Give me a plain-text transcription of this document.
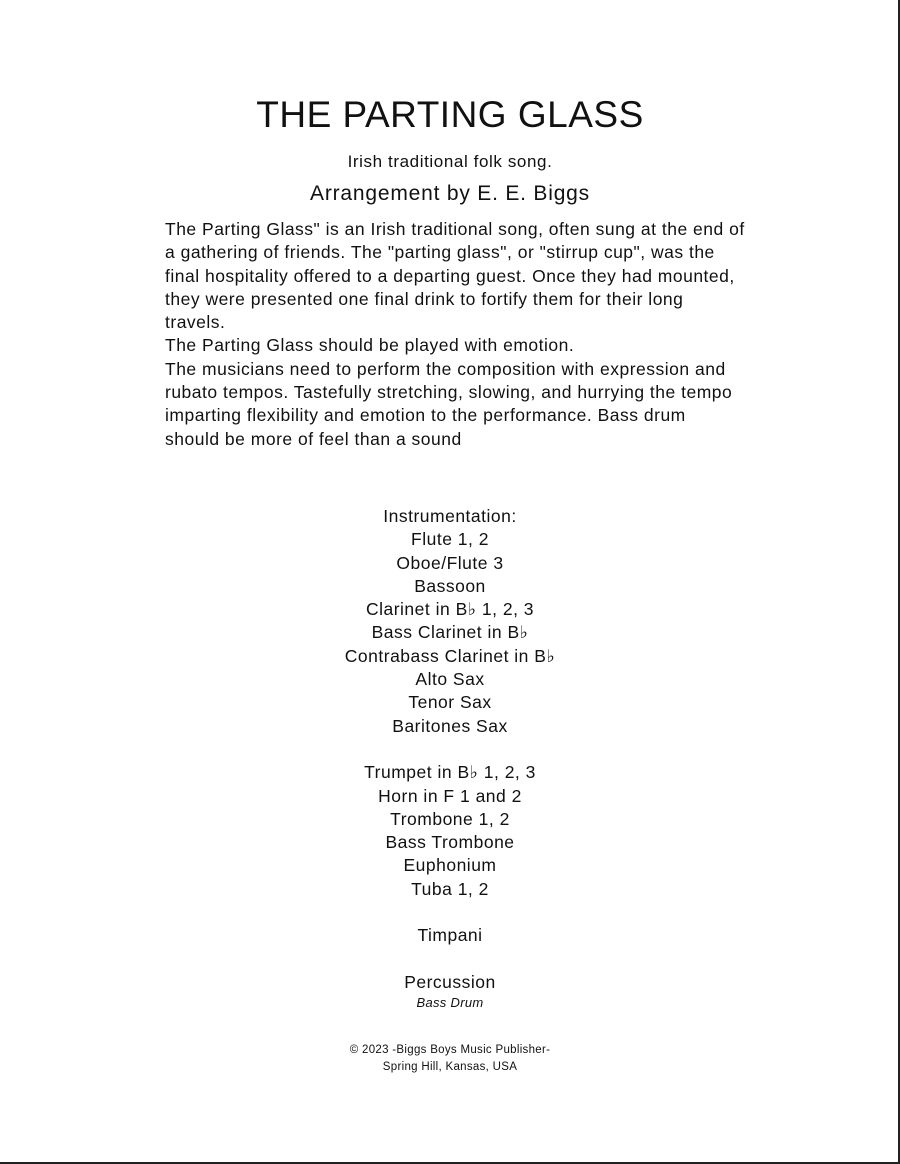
THE PARTING GLASS
Irish traditional folk song.
Arrangement by E. E. Biggs

The Parting Glass" is an Irish traditional song, often sung at the end of a gathering of friends. The "parting glass", or "stirrup cup", was the final hospitality offered to a departing guest. Once they had mounted, they were presented one final drink to fortify them for their long travels.

The Parting Glass should be played with emotion.

The musicians need to perform the composition with expression and rubato tempos. Tastefully stretching, slowing, and hurrying the tempo imparting flexibility and emotion to the performance. Bass drum should be more of feel than a sound

Instrumentation:
Flute 1, 2
Oboe/Flute 3
Bassoon
Clarinet in B♭ 1, 2, 3
Bass Clarinet in B♭
Contrabass Clarinet in B♭
Alto Sax
Tenor Sax
Baritones Sax
Trumpet in B♭ 1, 2, 3
Horn in F 1 and 2
Trombone 1, 2
Bass Trombone
Euphonium
Tuba 1, 2
Timpani
Percussion
Bass Drum
© 2023 -Biggs Boys Music Publisher-
Spring Hill, Kansas, USA
